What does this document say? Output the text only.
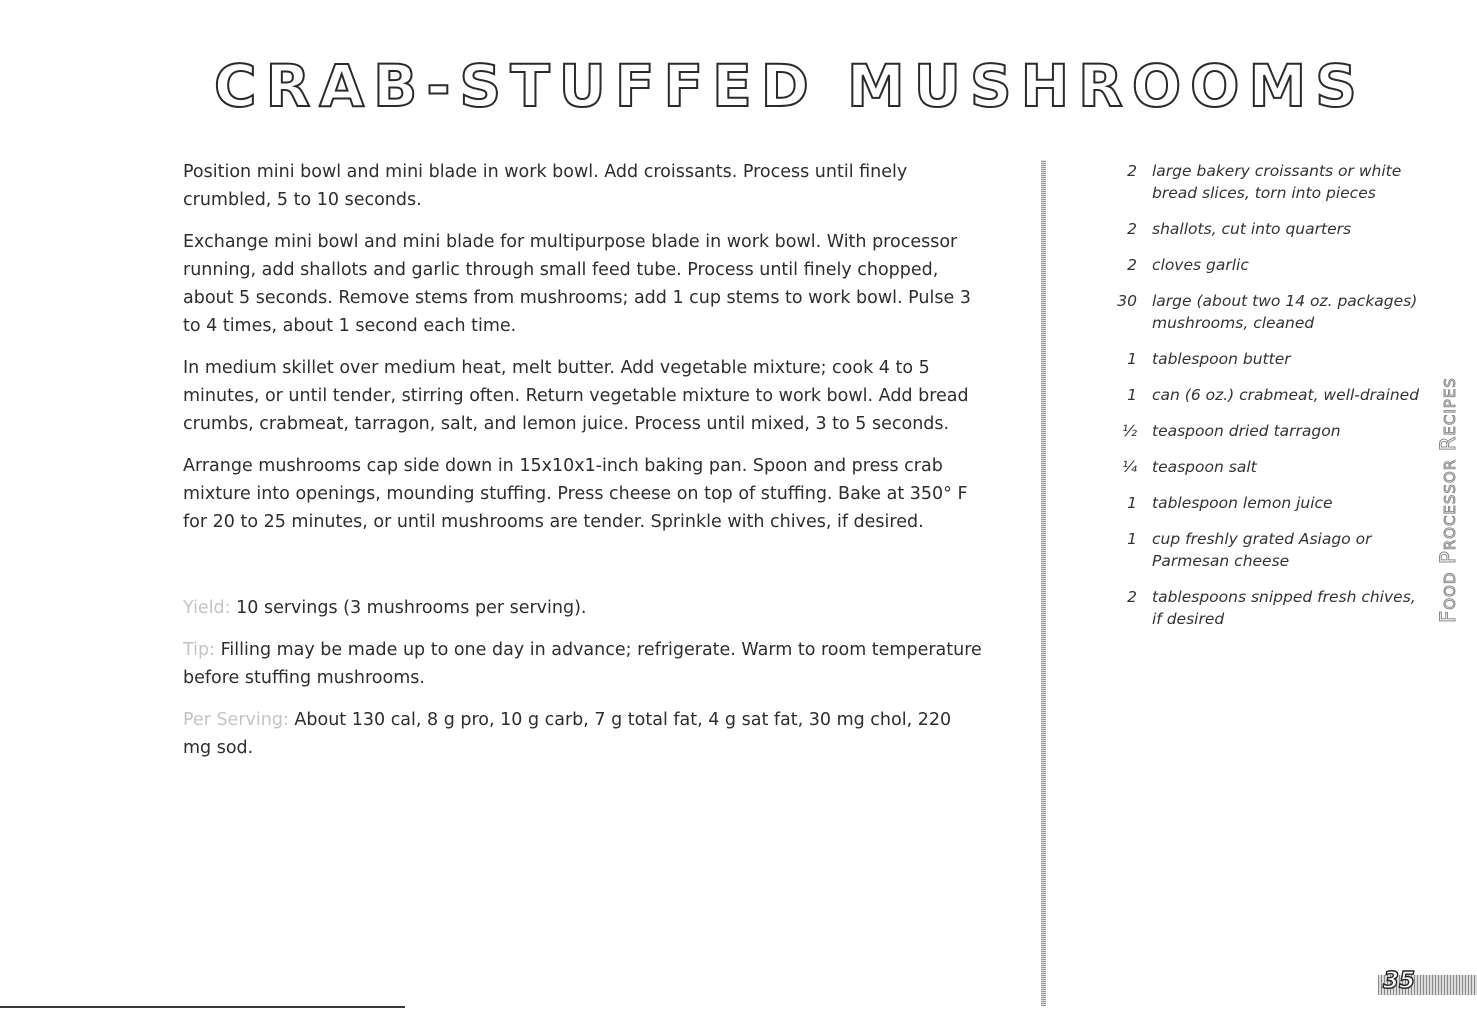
CRAB-STUFFED MUSHROOMS

Position mini bowl and mini blade in work bowl. Add croissants. Process until finely crumbled, 5 to 10 seconds.

Exchange mini bowl and mini blade for multipurpose blade in work bowl. With processor running, add shallots and garlic through small feed tube. Process until finely chopped, about 5 seconds. Remove stems from mushrooms; add 1 cup stems to work bowl. Pulse 3 to 4 times, about 1 second each time.

In medium skillet over medium heat, melt butter. Add vegetable mixture; cook 4 to 5 minutes, or until tender, stirring often. Return vegetable mixture to work bowl. Add bread crumbs, crabmeat, tarragon, salt, and lemon juice. Process until mixed, 3 to 5 seconds.

Arrange mushrooms cap side down in 15x10x1-inch baking pan. Spoon and press crab mixture into openings, mounding stuffing. Press cheese on top of stuffing. Bake at 350° F for 20 to 25 minutes, or until mushrooms are tender. Sprinkle with chives, if desired.

Yield: 10 servings (3 mushrooms per serving).

Tip: Filling may be made up to one day in advance; refrigerate. Warm to room temperature before stuffing mushrooms.

Per Serving: About 130 cal, 8 g pro, 10 g carb, 7 g total fat, 4 g sat fat, 30 mg chol, 220 mg sod.

2 large bakery croissants or white bread slices, torn into pieces
2 shallots, cut into quarters
2 cloves garlic
30 large (about two 14 oz. packages) mushrooms, cleaned
1 tablespoon butter
1 can (6 oz.) crabmeat, well-drained
½ teaspoon dried tarragon
¼ teaspoon salt
1 tablespoon lemon juice
1 cup freshly grated Asiago or Parmesan cheese
2 tablespoons snipped fresh chives, if desired	Food Processor Recipes
35
